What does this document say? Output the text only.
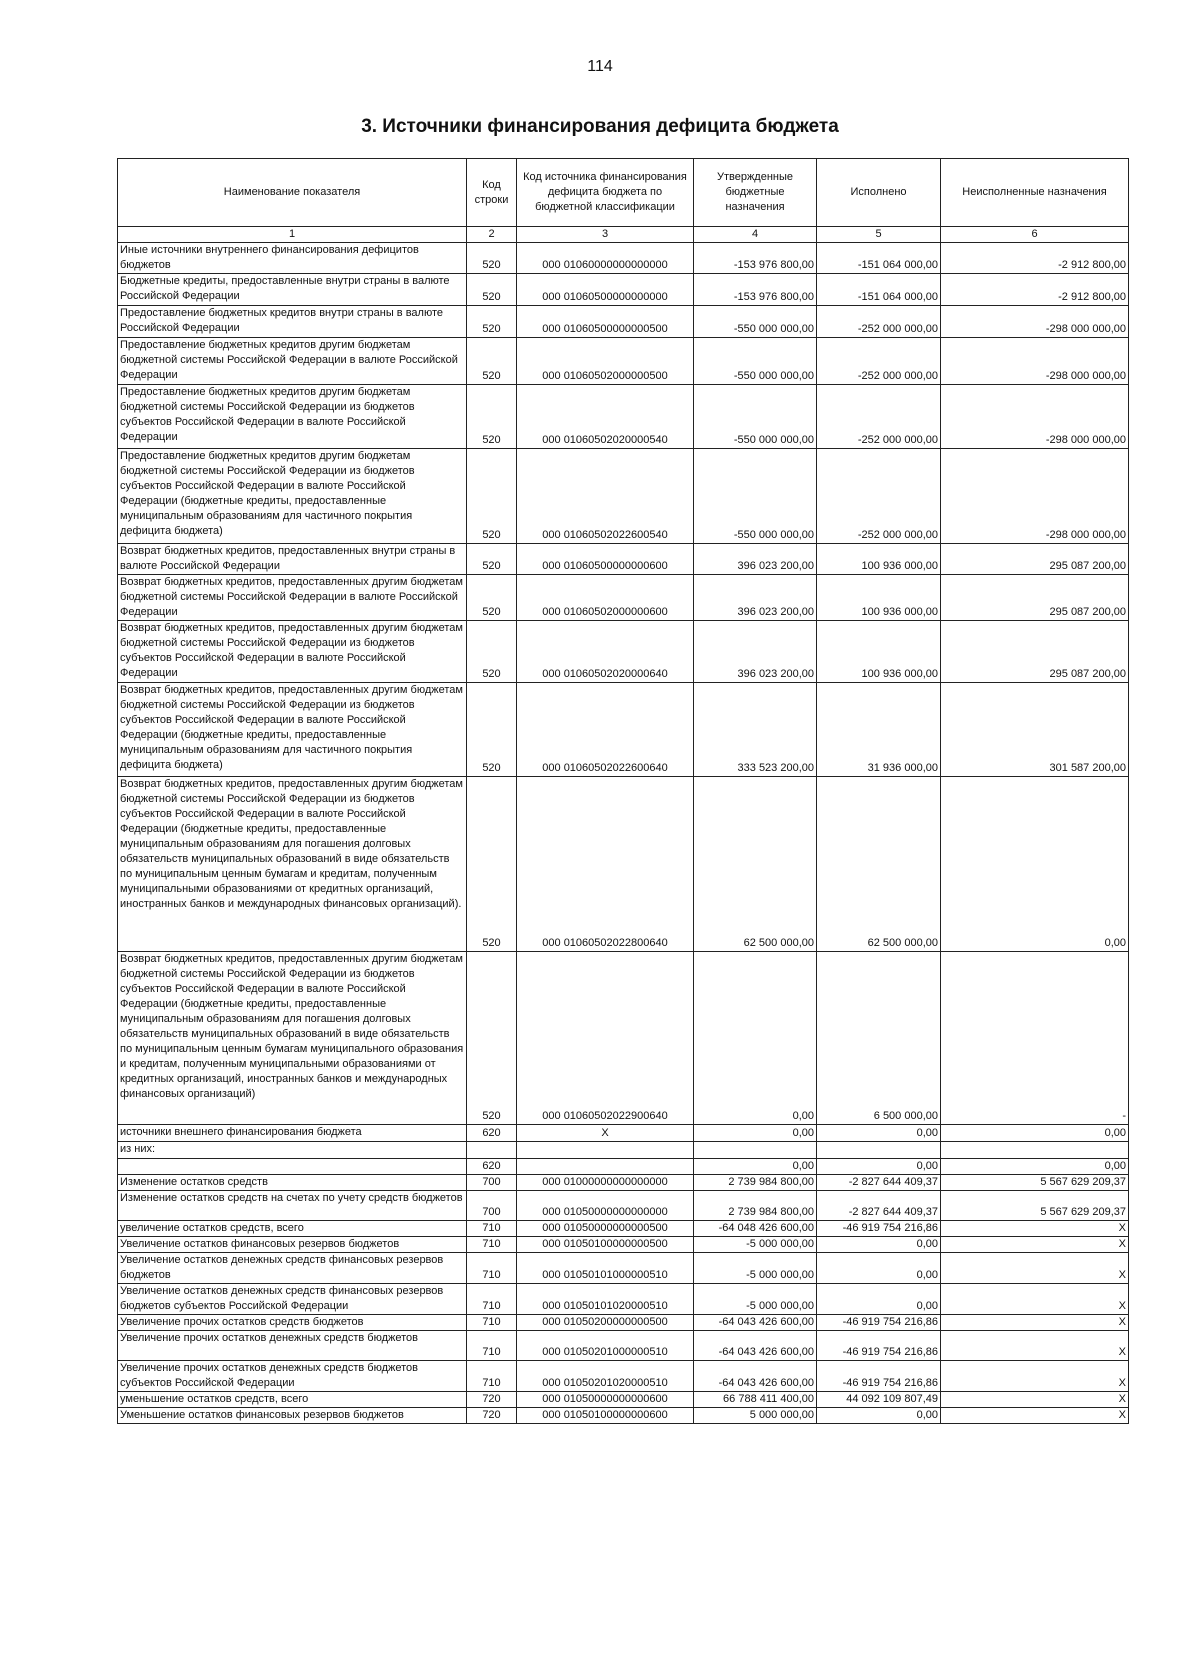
114
3. Источники финансирования дефицита бюджета
Наименование показателя	Код строки	Код источника финансирования дефицита бюджета по бюджетной классификации	Утвержденные бюджетные назначения	Исполнено	Неисполненные назначения
1	2	3	4	5	6
Иные источники внутреннего финансирования дефицитов бюджетов	520	000 01060000000000000	-153 976 800,00	-151 064 000,00	-2 912 800,00
Бюджетные кредиты, предоставленные внутри страны в валюте Российской Федерации	520	000 01060500000000000	-153 976 800,00	-151 064 000,00	-2 912 800,00
Предоставление бюджетных кредитов внутри страны в валюте Российской Федерации	520	000 01060500000000500	-550 000 000,00	-252 000 000,00	-298 000 000,00
Предоставление бюджетных кредитов другим бюджетам бюджетной системы Российской Федерации в валюте Российской Федерации	520	000 01060502000000500	-550 000 000,00	-252 000 000,00	-298 000 000,00
Предоставление бюджетных кредитов другим бюджетам бюджетной системы Российской Федерации из бюджетов субъектов Российской Федерации в валюте Российской Федерации	520	000 01060502020000540	-550 000 000,00	-252 000 000,00	-298 000 000,00
Предоставление бюджетных кредитов другим бюджетам бюджетной системы Российской Федерации из бюджетов субъектов Российской Федерации в валюте Российской Федерации (бюджетные кредиты, предоставленные муниципальным образованиям для частичного покрытия дефицита бюджета)	520	000 01060502022600540	-550 000 000,00	-252 000 000,00	-298 000 000,00
Возврат бюджетных кредитов, предоставленных внутри страны в валюте Российской Федерации	520	000 01060500000000600	396 023 200,00	100 936 000,00	295 087 200,00
Возврат бюджетных кредитов, предоставленных другим бюджетам бюджетной системы Российской Федерации в валюте Российской Федерации	520	000 01060502000000600	396 023 200,00	100 936 000,00	295 087 200,00
Возврат бюджетных кредитов, предоставленных другим бюджетам бюджетной системы Российской Федерации из бюджетов субъектов Российской Федерации в валюте Российской Федерации	520	000 01060502020000640	396 023 200,00	100 936 000,00	295 087 200,00
Возврат бюджетных кредитов, предоставленных другим бюджетам бюджетной системы Российской Федерации из бюджетов субъектов Российской Федерации в валюте Российской Федерации (бюджетные кредиты, предоставленные муниципальным образованиям для частичного покрытия дефицита бюджета)	520	000 01060502022600640	333 523 200,00	31 936 000,00	301 587 200,00
Возврат бюджетных кредитов, предоставленных другим бюджетам бюджетной системы Российской Федерации из бюджетов субъектов Российской Федерации в валюте Российской Федерации (бюджетные кредиты, предоставленные муниципальным образованиям для погашения долговых обязательств муниципальных образований в виде обязательств по муниципальным ценным бумагам и кредитам, полученным муниципальными образованиями от кредитных организаций, иностранных банков и международных финансовых организаций).	520	000 01060502022800640	62 500 000,00	62 500 000,00	0,00
Возврат бюджетных кредитов, предоставленных другим бюджетам бюджетной системы Российской Федерации из бюджетов субъектов Российской Федерации в валюте Российской Федерации (бюджетные кредиты, предоставленные муниципальным образованиям для погашения долговых обязательств муниципальных образований в виде обязательств по муниципальным ценным бумагам муниципального образования и кредитам, полученным муниципальными образованиями от кредитных организаций, иностранных банков и международных финансовых организаций)	520	000 01060502022900640	0,00	6 500 000,00	-
источники внешнего финансирования бюджета	620	X	0,00	0,00	0,00
из них:					
	620		0,00	0,00	0,00
Изменение остатков средств	700	000 01000000000000000	2 739 984 800,00	-2 827 644 409,37	5 567 629 209,37
Изменение остатков средств на счетах по учету средств бюджетов	700	000 01050000000000000	2 739 984 800,00	-2 827 644 409,37	5 567 629 209,37
увеличение остатков средств, всего	710	000 01050000000000500	-64 048 426 600,00	-46 919 754 216,86	X
Увеличение остатков финансовых резервов бюджетов	710	000 01050100000000500	-5 000 000,00	0,00	X
Увеличение остатков денежных средств финансовых резервов бюджетов	710	000 01050101000000510	-5 000 000,00	0,00	X
Увеличение остатков денежных средств финансовых резервов бюджетов субъектов Российской Федерации	710	000 01050101020000510	-5 000 000,00	0,00	X
Увеличение прочих остатков средств бюджетов	710	000 01050200000000500	-64 043 426 600,00	-46 919 754 216,86	X
Увеличение прочих остатков денежных средств бюджетов	710	000 01050201000000510	-64 043 426 600,00	-46 919 754 216,86	X
Увеличение прочих остатков денежных средств бюджетов субъектов Российской Федерации	710	000 01050201020000510	-64 043 426 600,00	-46 919 754 216,86	X
уменьшение остатков средств, всего	720	000 01050000000000600	66 788 411 400,00	44 092 109 807,49	X
Уменьшение остатков финансовых резервов бюджетов	720	000 01050100000000600	5 000 000,00	0,00	X
